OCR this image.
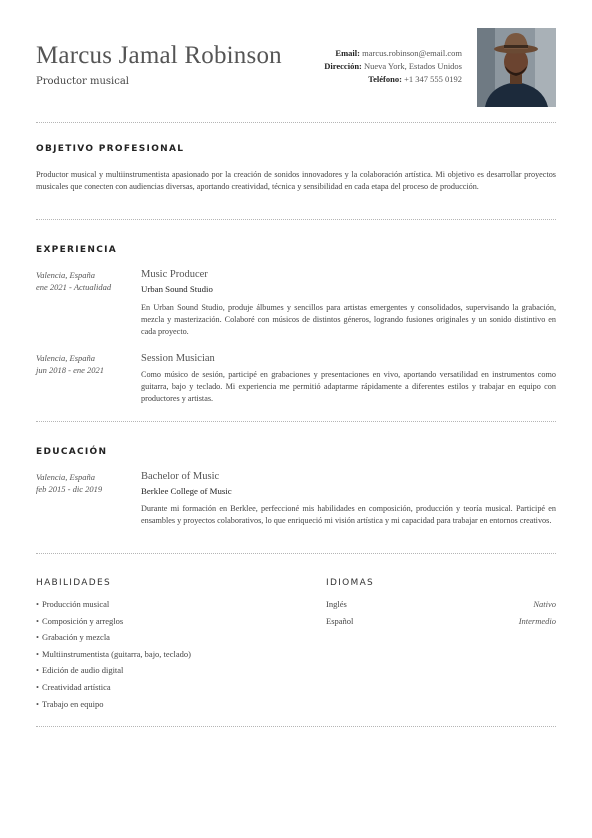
Marcus Jamal Robinson
Productor musical
Email: marcus.robinson@email.com
Dirección: Nueva York, Estados Unidos
Teléfono: +1 347 555 0192
OBJETIVO PROFESIONAL
Productor musical y multiinstrumentista apasionado por la creación de sonidos innovadores y la colaboración artística. Mi objetivo es desarrollar proyectos musicales que conecten con audiencias diversas, aportando creatividad, técnica y sensibilidad en cada etapa del proceso de producción.
EXPERIENCIA
Valencia, España
ene 2021 - Actualidad
Music Producer
Urban Sound Studio
En Urban Sound Studio, produje álbumes y sencillos para artistas emergentes y consolidados, supervisando la grabación, mezcla y masterización. Colaboré con músicos de distintos géneros, logrando fusiones originales y un sonido distintivo en cada proyecto.
Valencia, España
jun 2018 - ene 2021
Session Musician
Como músico de sesión, participé en grabaciones y presentaciones en vivo, aportando versatilidad en instrumentos como guitarra, bajo y teclado. Mi experiencia me permitió adaptarme rápidamente a diferentes estilos y trabajar en equipo con productores y artistas.
EDUCACIÓN
Valencia, España
feb 2015 - dic 2019
Bachelor of Music
Berklee College of Music
Durante mi formación en Berklee, perfeccioné mis habilidades en composición, producción y teoría musical. Participé en ensambles y proyectos colaborativos, lo que enriqueció mi visión artística y mi capacidad para trabajar en entornos creativos.
HABILIDADES
• Producción musical
• Composición y arreglos
• Grabación y mezcla
• Multiinstrumentista (guitarra, bajo, teclado)
• Edición de audio digital
• Creatividad artística
• Trabajo en equipo
IDIOMAS
Inglés	Nativo
Español	Intermedio
